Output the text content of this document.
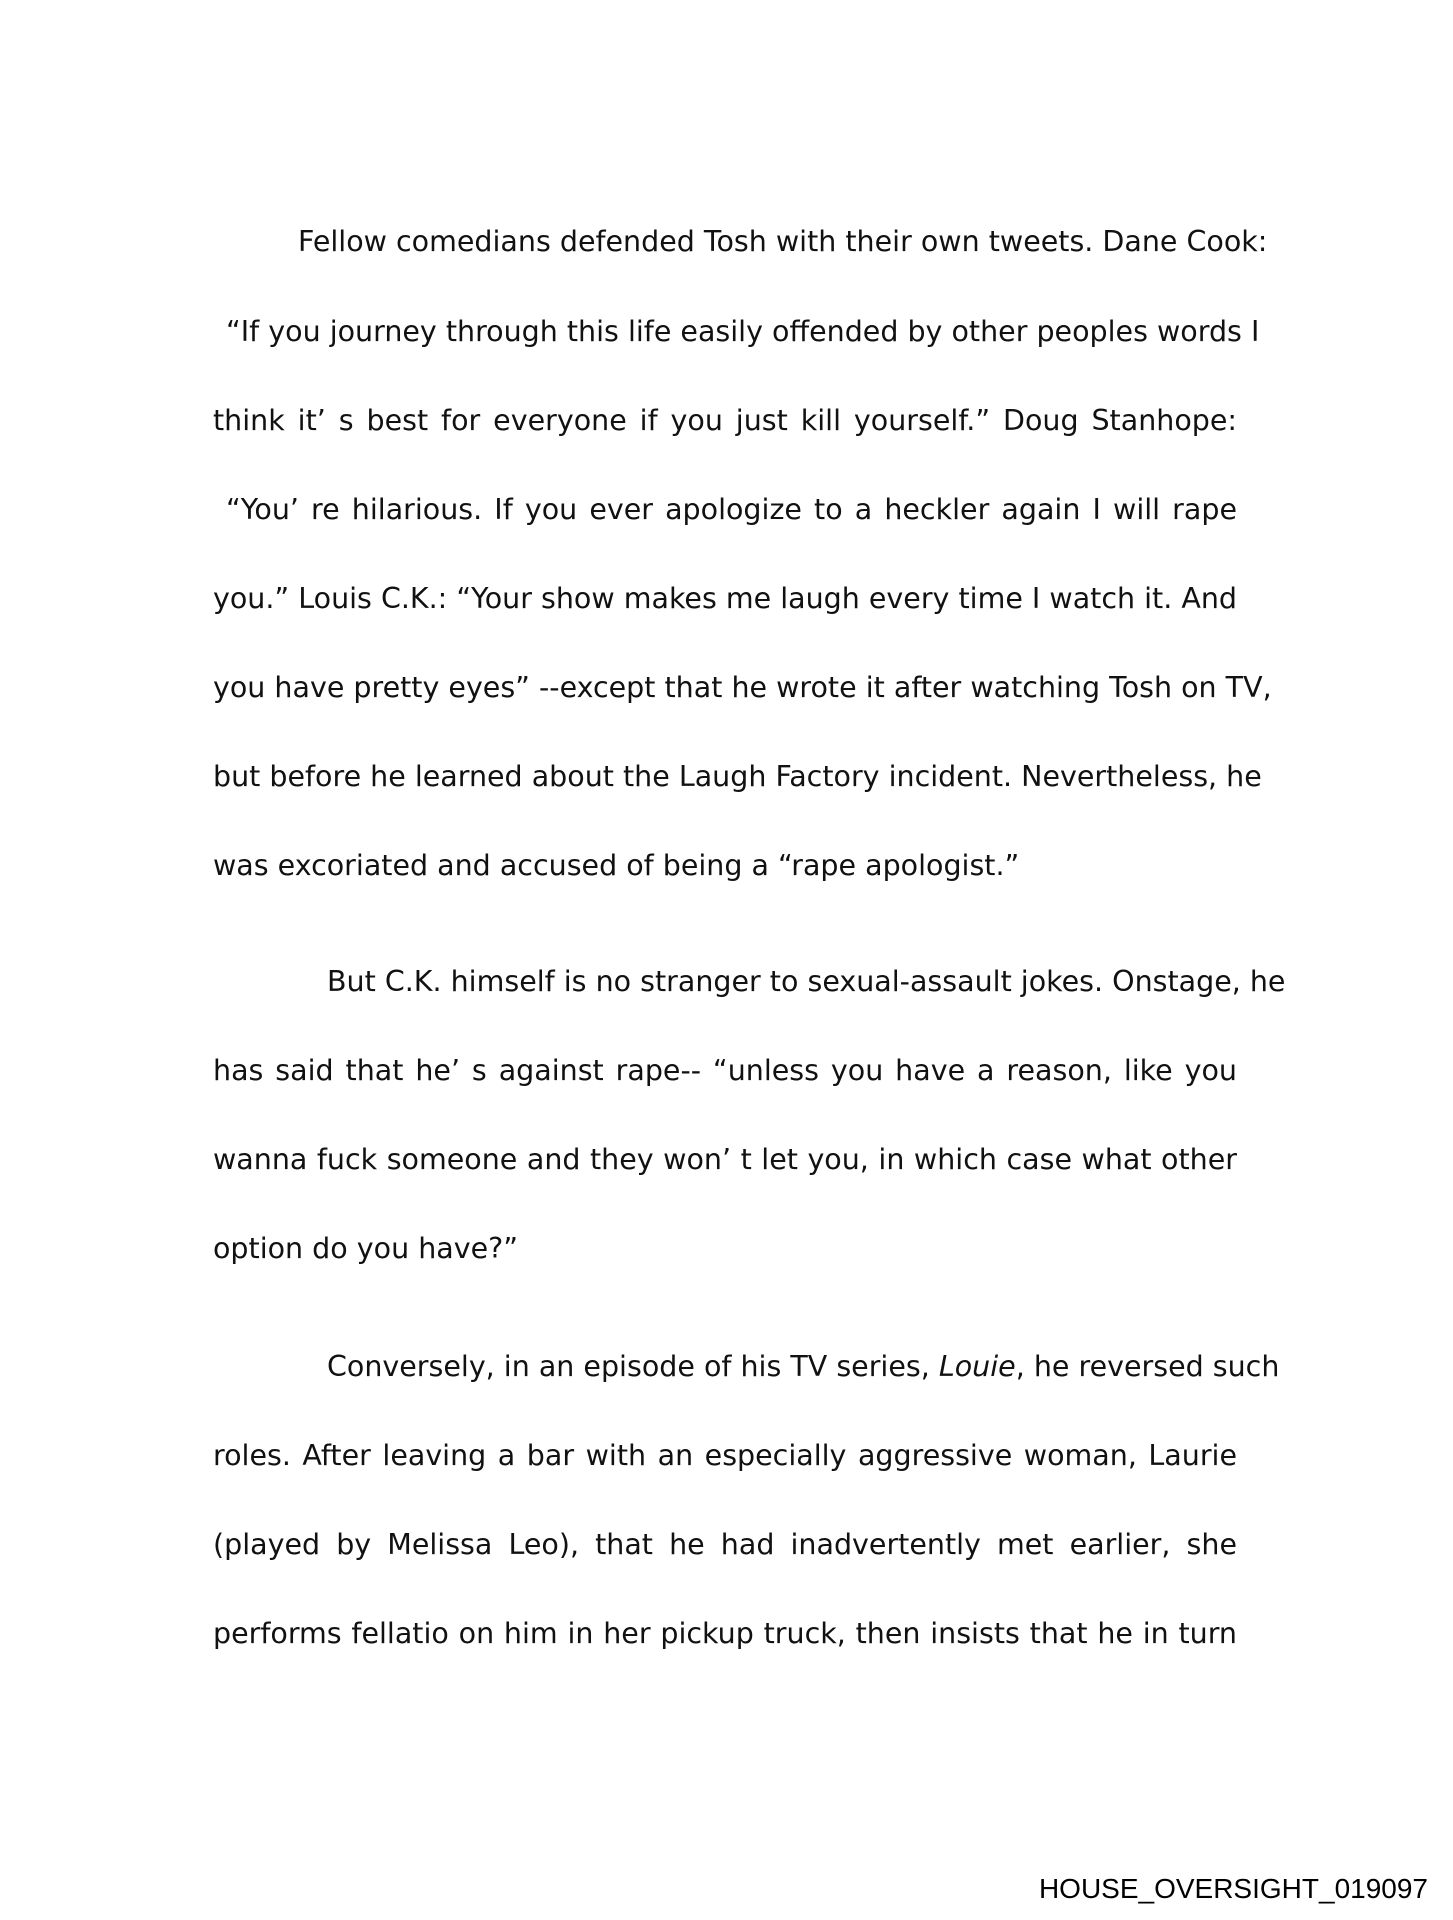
Fellow comedians defended Tosh with their own tweets. Dane Cook:
“If you journey through this life easily offended by other peoples words I
think it’ s best for everyone if you just kill yourself.” Doug Stanhope:
“You’ re hilarious. If you ever apologize to a heckler again I will rape
you.” Louis C.K.: “Your show makes me laugh every time I watch it. And
you have pretty eyes” --except that he wrote it after watching Tosh on TV,
but before he learned about the Laugh Factory incident. Nevertheless, he
was excoriated and accused of being a “rape apologist.”
But C.K. himself is no stranger to sexual-assault jokes. Onstage, he
has said that he’ s against rape-- “unless you have a reason, like you
wanna fuck someone and they won’ t let you, in which case what other
option do you have?”
Conversely, in an episode of his TV series, Louie, he reversed such
roles. After leaving a bar with an especially aggressive woman, Laurie
(played by Melissa Leo), that he had inadvertently met earlier, she
performs fellatio on him in her pickup truck, then insists that he in turn
HOUSE_OVERSIGHT_019097
